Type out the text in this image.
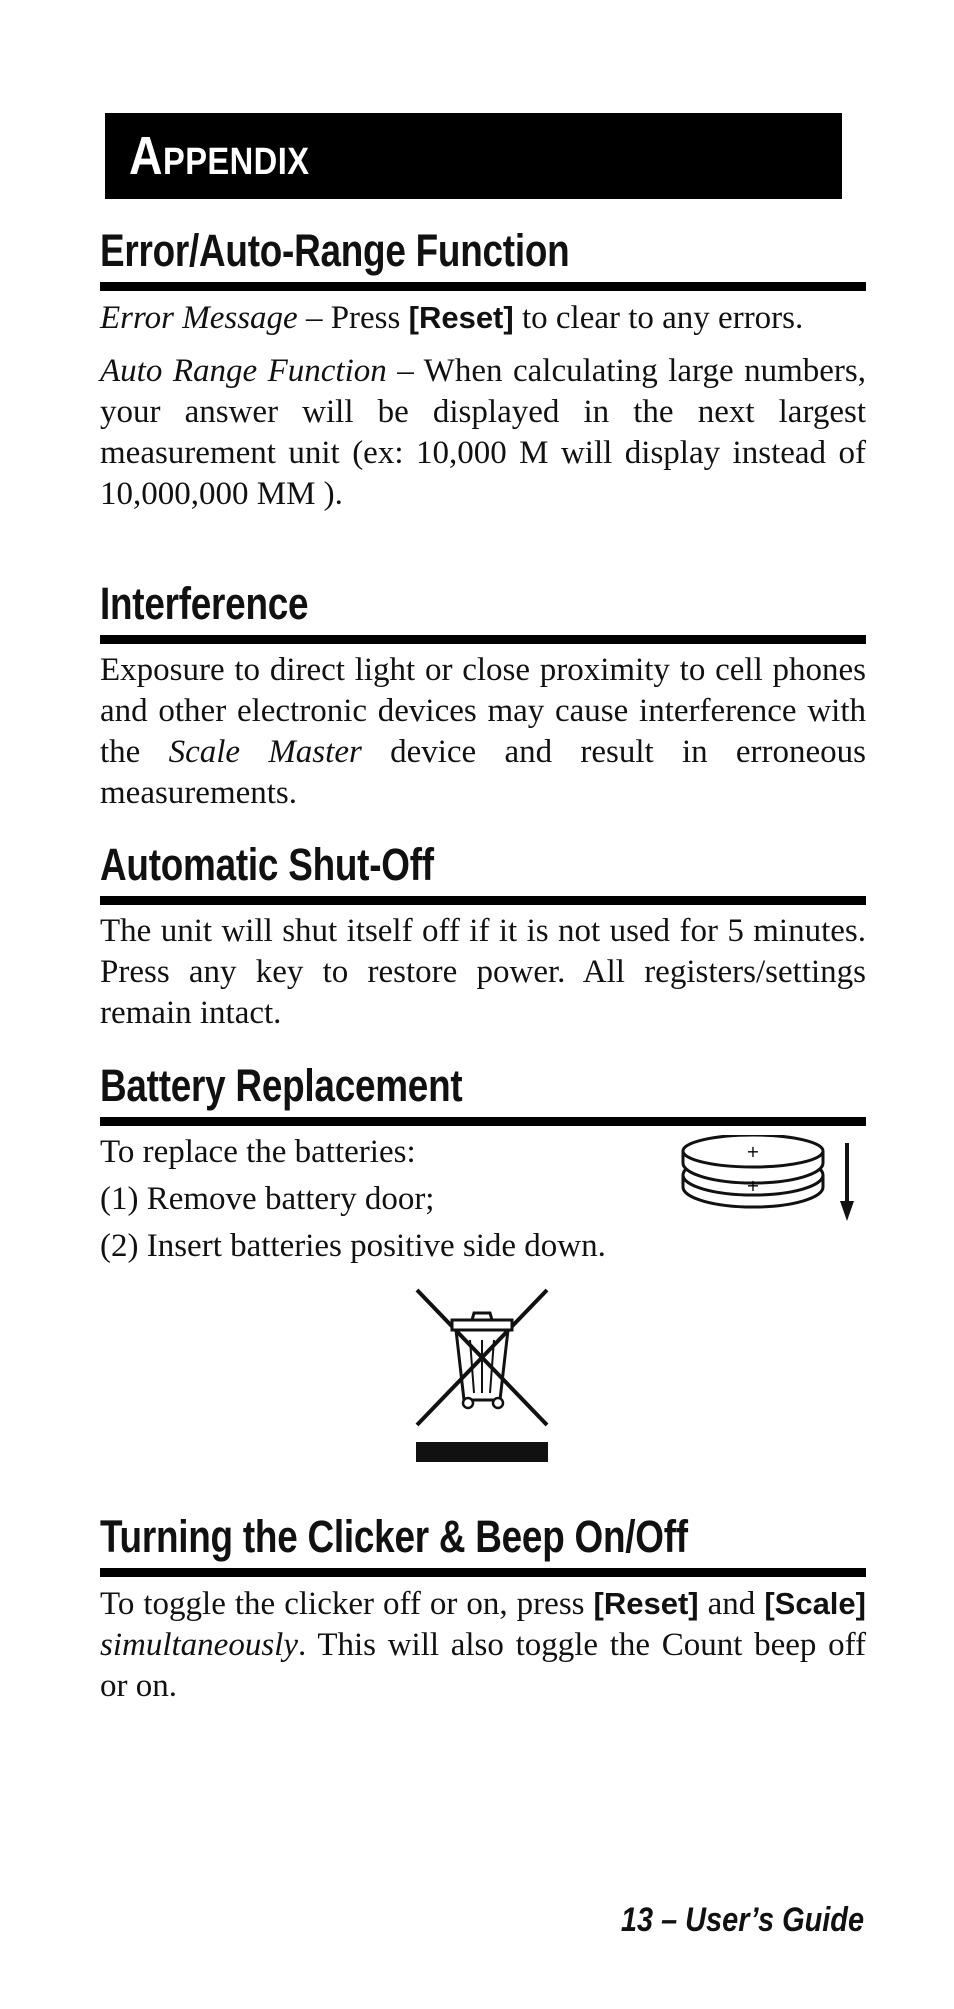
Appendix
Error/Auto-Range Function

Error Message – Press [Reset] to clear to any errors.

Auto Range Function – When calculating large numbers, your answer will be displayed in the next largest measurement unit (ex: 10,000 M will display instead of 10,000,000 MM ).

Interference

Exposure to direct light or close proximity to cell phones and other electronic devices may cause interference with the Scale Master device and result in erroneous measurements.

Automatic Shut-Off

The unit will shut itself off if it is not used for 5 minutes. Press any key to restore power. All registers/settings remain intact.

Battery Replacement

To replace the batteries:

(1) Remove battery door;

(2) Insert batteries positive side down.

+
+
Turning the Clicker & Beep On/Off

To toggle the clicker off or on, press [Reset] and [Scale] simultaneously. This will also toggle the Count beep off or on.

13 – User’s Guide
